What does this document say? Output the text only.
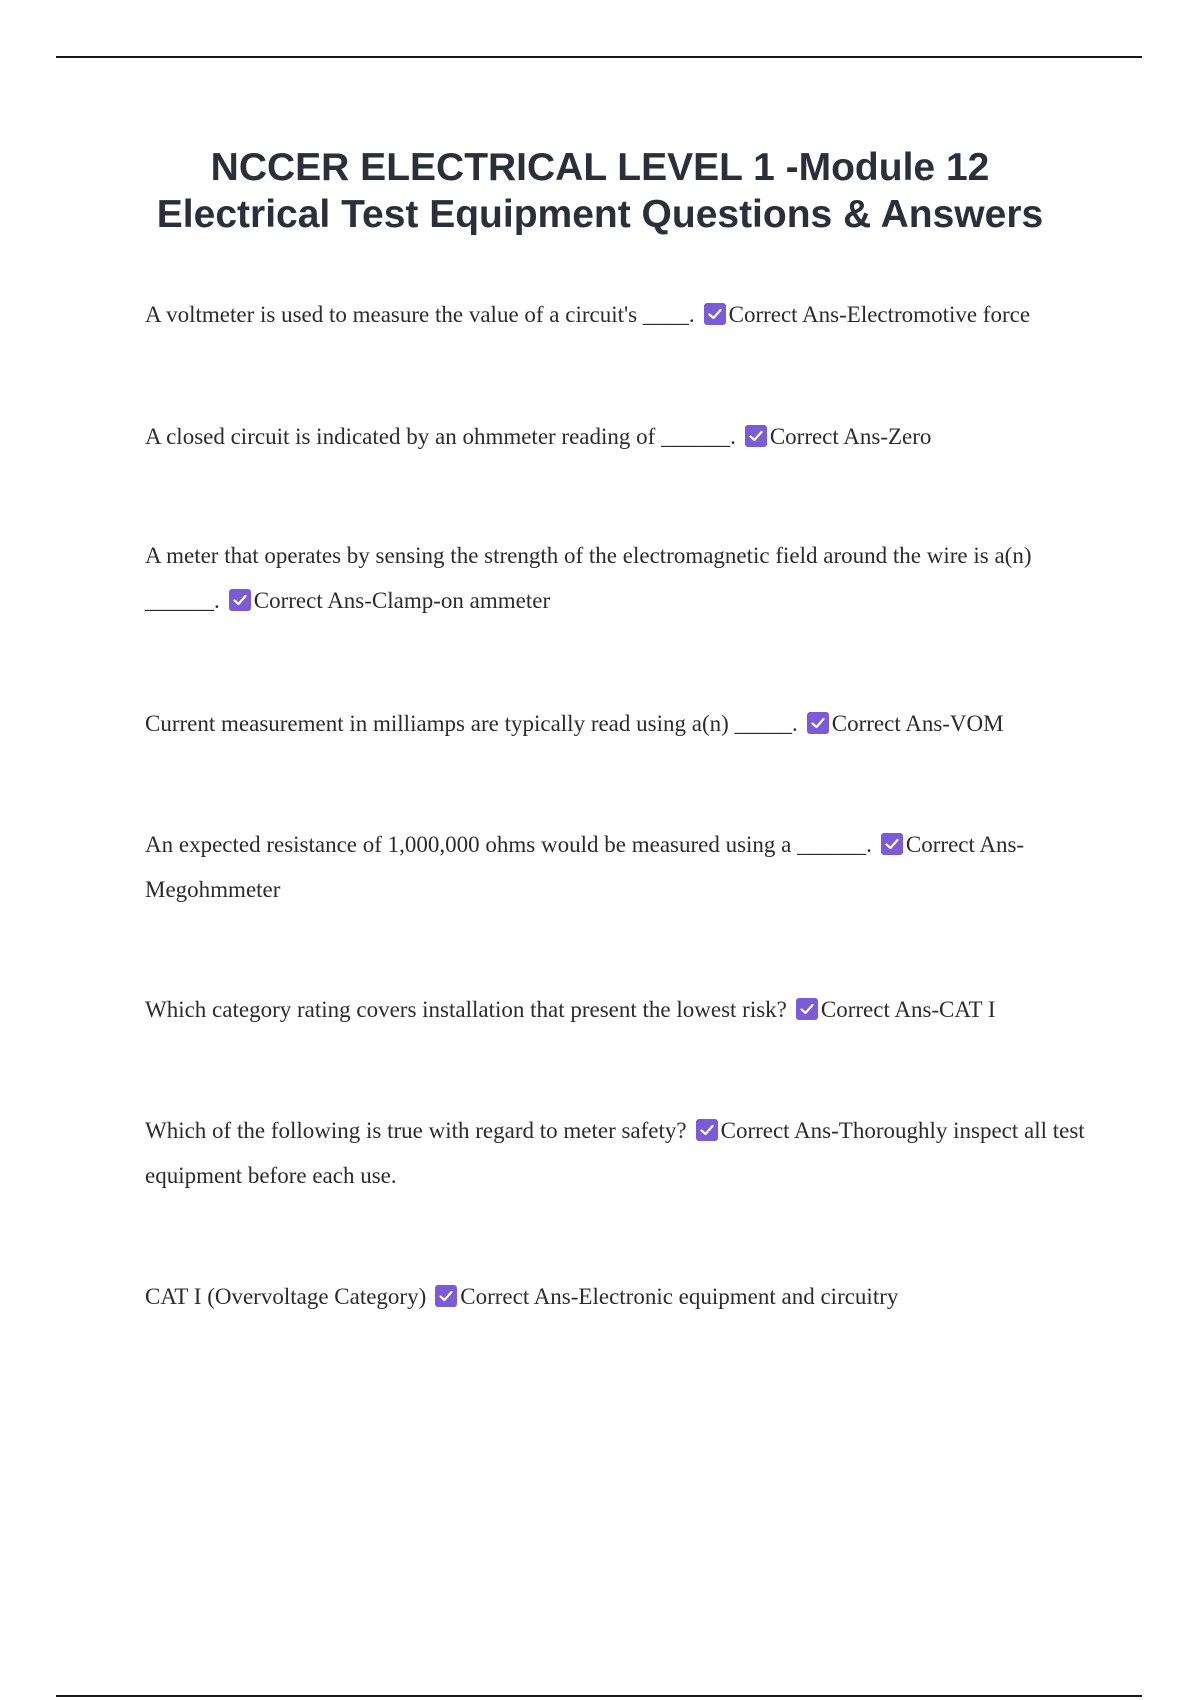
NCCER ELECTRICAL LEVEL 1 -Module 12
Electrical Test Equipment Questions & Answers

A voltmeter is used to measure the value of a circuit's ____. Correct Ans-Electromotive force

A closed circuit is indicated by an ohmmeter reading of ______. Correct Ans-Zero

A meter that operates by sensing the strength of the electromagnetic field around the wire is a(n) ______. Correct Ans-Clamp-on ammeter

Current measurement in milliamps are typically read using a(n) _____. Correct Ans-VOM

An expected resistance of 1,000,000 ohms would be measured using a ______. Correct Ans-Megohmmeter

Which category rating covers installation that present the lowest risk? Correct Ans-CAT I

Which of the following is true with regard to meter safety? Correct Ans-Thoroughly inspect all test equipment before each use.

CAT I (Overvoltage Category) Correct Ans-Electronic equipment and circuitry
